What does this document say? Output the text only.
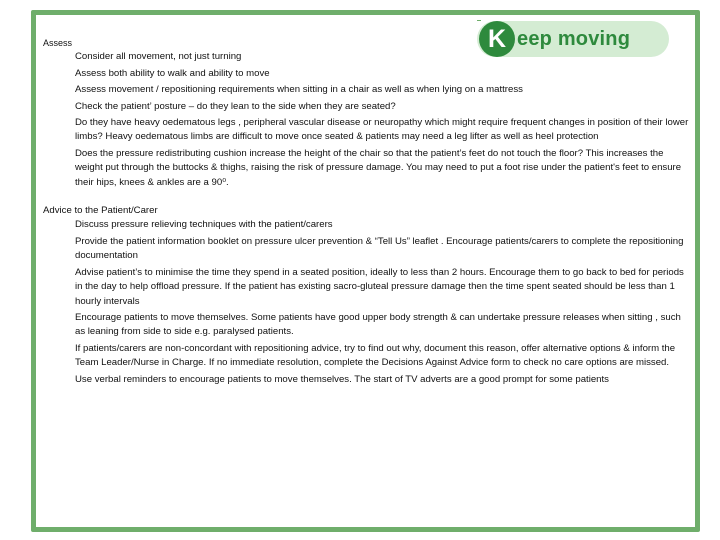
K eep moving

Assess

Consider all movement, not just turning
Assess both ability to walk and ability to move
Assess movement / repositioning requirements when sitting in a chair as well as when lying on a mattress
Check the patient’ posture – do they lean to the side when they are seated?
Do they have heavy oedematous legs , peripheral vascular disease or neuropathy which might require frequent changes in position of their lower limbs? Heavy oedematous limbs are difficult to move once seated & patients may need a leg lifter as well as heel protection
Does the pressure redistributing cushion increase the height of the chair so that the patient’s feet do not touch the floor? This increases the weight put through the buttocks & thighs, raising the risk of pressure damage. You may need to put a foot rise under the patient's feet to ensure their hips, knees & ankles are a 90⁰.

Advice to the Patient/Carer

Discuss pressure relieving techniques with the patient/carers
Provide the patient information booklet on pressure ulcer prevention & “Tell Us” leaflet . Encourage patients/carers to complete the repositioning documentation
Advise patient’s to minimise the time they spend in a seated position, ideally to less than 2 hours. Encourage them to go back to bed for periods in the day to help offload pressure. If the patient has existing sacro-gluteal pressure damage then the time spent seated should be less than 1 hourly intervals
Encourage patients to move themselves. Some patients have good upper body strength & can undertake pressure releases when sitting , such as leaning from side to side e.g. paralysed patients.
If patients/carers are non-concordant with repositioning advice, try to find out why, document this reason, offer alternative options & inform the Team Leader/Nurse in Charge. If no immediate resolution, complete the Decisions Against Advice form to check no care options are missed.
Use verbal reminders to encourage patients to move themselves. The start of TV adverts are a good prompt for some patients
